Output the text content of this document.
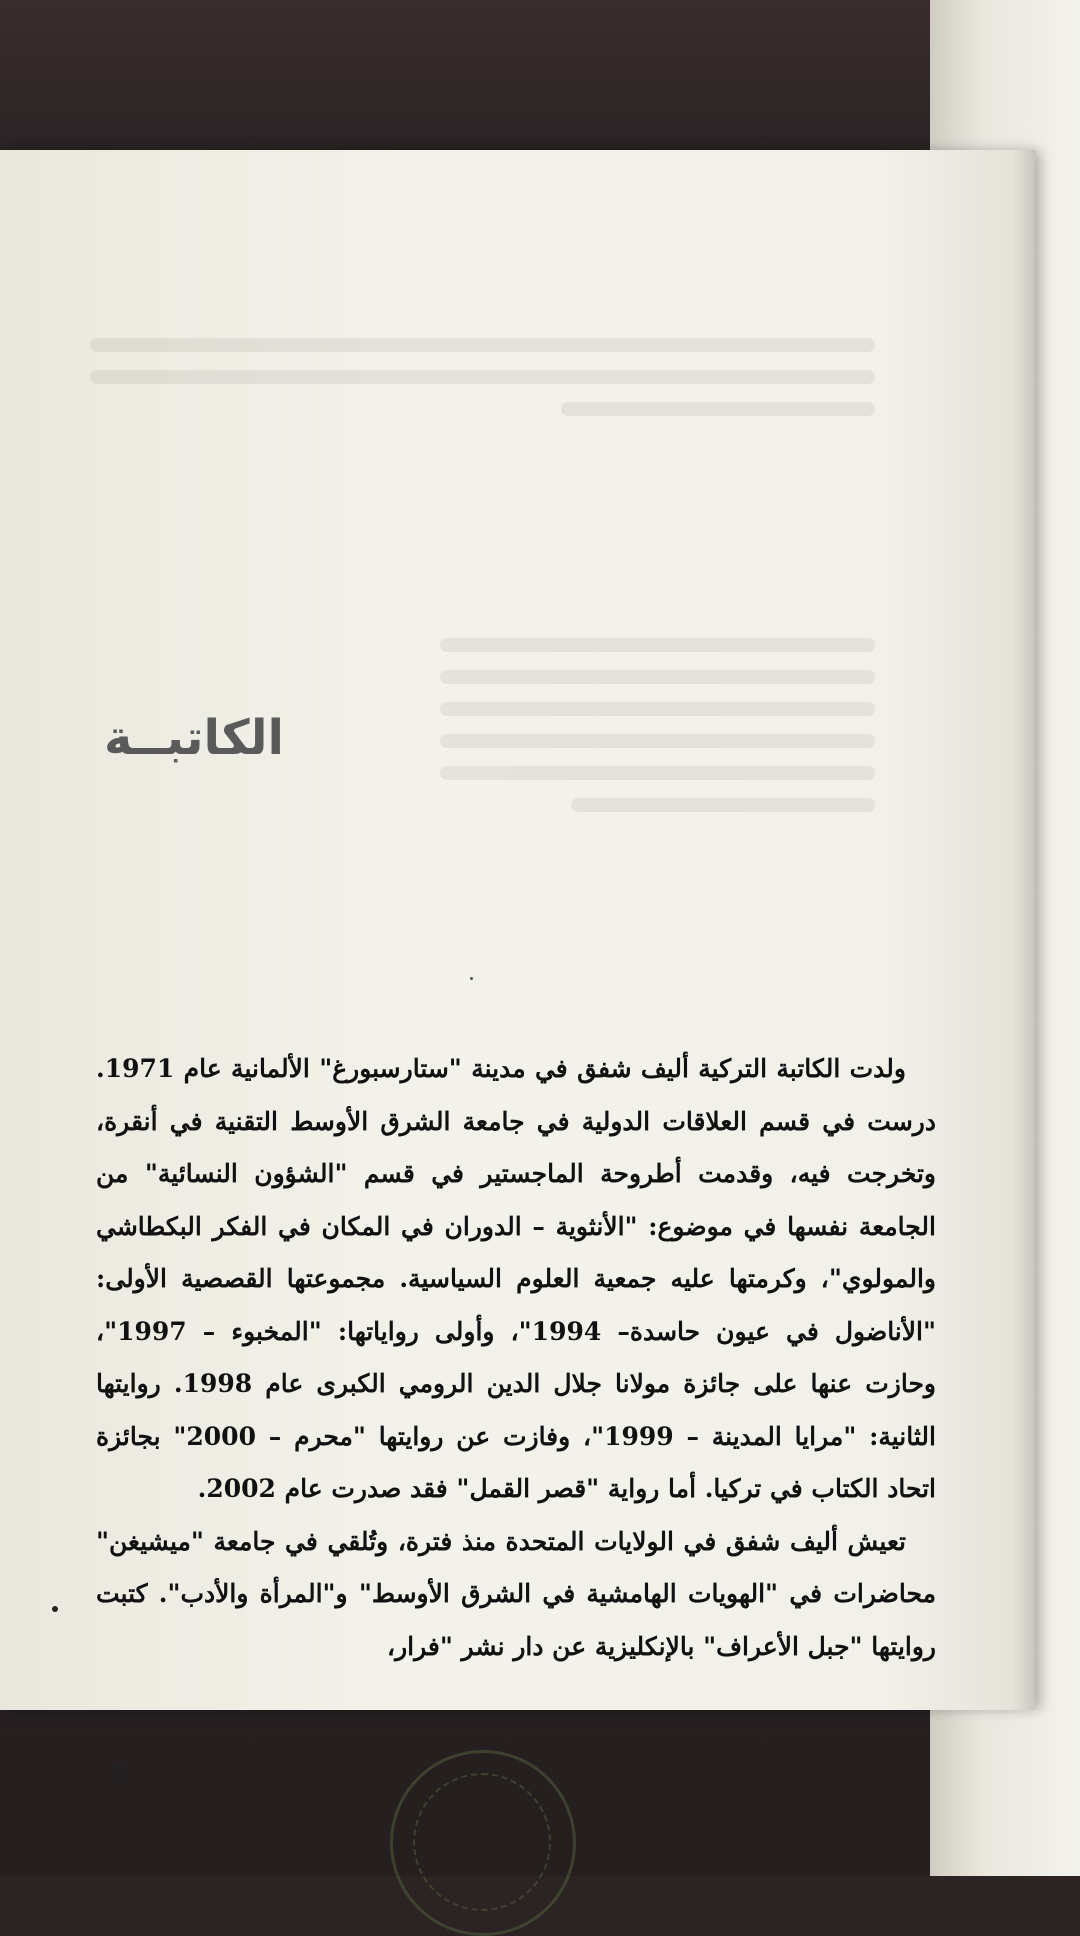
الكاتبــة

ولدت الكاتبة التركية أليف شفق في مدينة "ستارسبورغ" الألمانية عام 1971. درست في قسم العلاقات الدولية في جامعة الشرق الأوسط التقنية في أنقرة، وتخرجت فيه، وقدمت أطروحة الماجستير في قسم "الشؤون النسائية" من الجامعة نفسها في موضوع: "الأنثوية – الدوران في المكان في الفكر البكطاشي والمولوي"، وكرمتها عليه جمعية العلوم السياسية. مجموعتها القصصية الأولى: "الأناضول في عيون حاسدة– 1994"، وأولى رواياتها: "المخبوء – 1997"، وحازت عنها على جائزة مولانا جلال الدين الرومي الكبرى عام 1998. روايتها الثانية: "مرايا المدينة – 1999"، وفازت عن روايتها "محرم – 2000" بجائزة اتحاد الكتاب في تركيا. أما رواية "قصر القمل" فقد صدرت عام 2002.

تعيش أليف شفق في الولايات المتحدة منذ فترة، وتُلقي في جامعة "ميشيغن" محاضرات في "الهويات الهامشية في الشرق الأوسط" و"المرأة والأدب". كتبت روايتها "جبل الأعراف" بالإنكليزية عن دار نشر "فرار،

7
